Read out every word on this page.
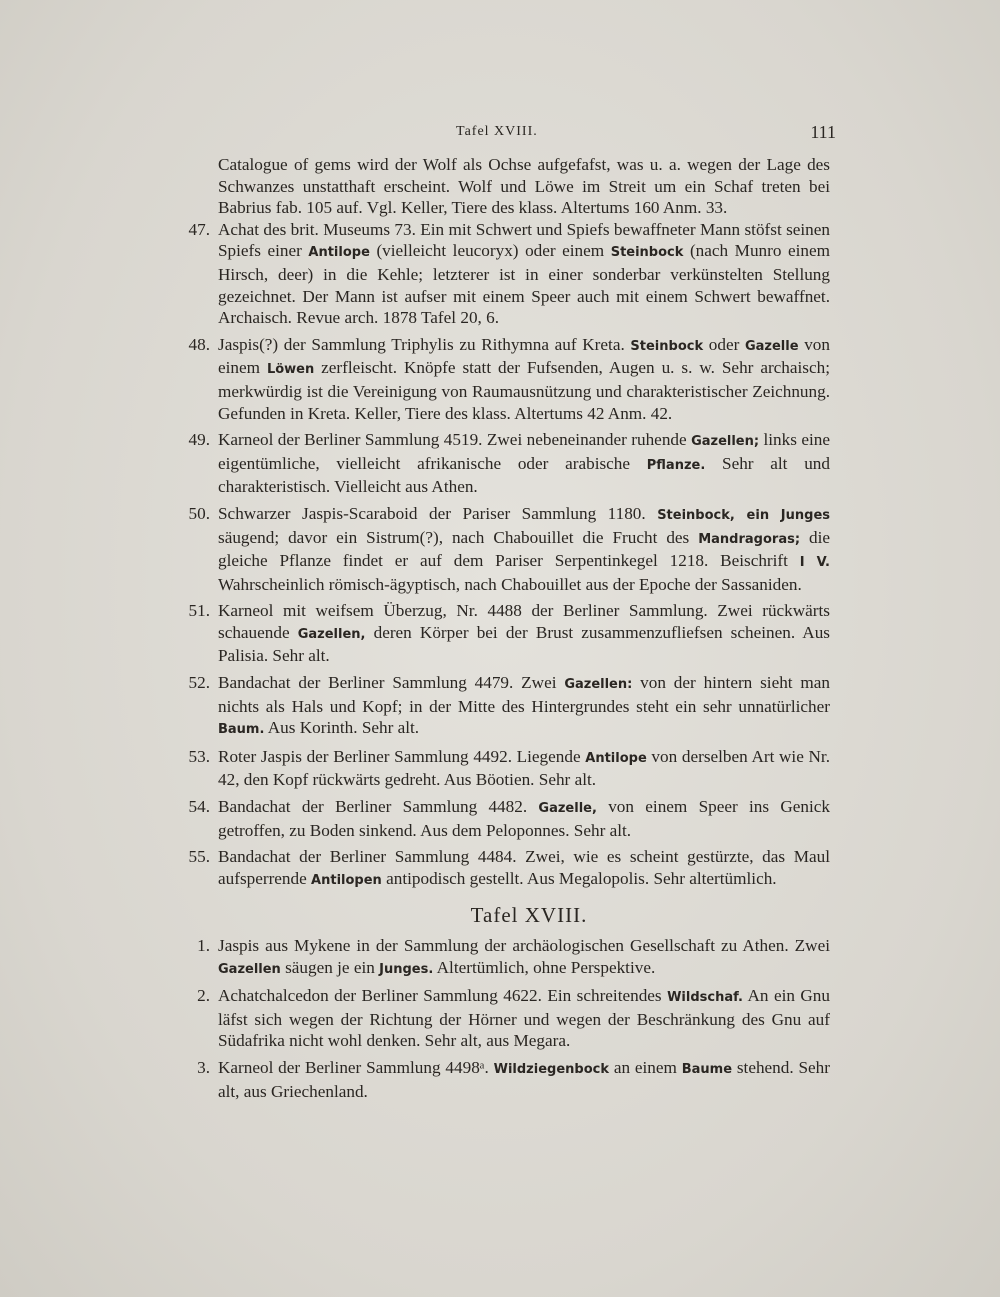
Tafel XVIII.	111

Catalogue of gems wird der Wolf als Ochse aufgefafst, was u. a. wegen der Lage des Schwanzes unstatthaft erscheint. Wolf und Löwe im Streit um ein Schaf treten bei Babrius fab. 105 auf. Vgl. Keller, Tiere des klass. Altertums 160 Anm. 33.

47. Achat des brit. Museums 73. Ein mit Schwert und Spiefs bewaffneter Mann stöfst seinen Spiefs einer Antilope (vielleicht leucoryx) oder einem Steinbock (nach Munro einem Hirsch, deer) in die Kehle; letzterer ist in einer sonderbar verkünstelten Stellung gezeichnet. Der Mann ist aufser mit einem Speer auch mit einem Schwert bewaffnet. Archaisch. Revue arch. 1878 Tafel 20, 6.
48. Jaspis(?) der Sammlung Triphylis zu Rithymna auf Kreta. Steinbock oder Gazelle von einem Löwen zerfleischt. Knöpfe statt der Fufsenden, Augen u. s. w. Sehr archaisch; merkwürdig ist die Vereinigung von Raumausnützung und charakteristischer Zeichnung. Gefunden in Kreta. Keller, Tiere des klass. Altertums 42 Anm. 42.
49. Karneol der Berliner Sammlung 4519. Zwei nebeneinander ruhende Gazellen; links eine eigentümliche, vielleicht afrikanische oder arabische Pflanze. Sehr alt und charakteristisch. Vielleicht aus Athen.
50. Schwarzer Jaspis-Scaraboid der Pariser Sammlung 1180. Steinbock, ein Junges säugend; davor ein Sistrum(?), nach Chabouillet die Frucht des Mandragoras; die gleiche Pflanze findet er auf dem Pariser Serpentinkegel 1218. Beischrift I V. Wahrscheinlich römisch-ägyptisch, nach Chabouillet aus der Epoche der Sassaniden.
51. Karneol mit weifsem Überzug, Nr. 4488 der Berliner Sammlung. Zwei rückwärts schauende Gazellen, deren Körper bei der Brust zusammenzufliefsen scheinen. Aus Palisia. Sehr alt.
52. Bandachat der Berliner Sammlung 4479. Zwei Gazellen: von der hintern sieht man nichts als Hals und Kopf; in der Mitte des Hintergrundes steht ein sehr unnatürlicher Baum. Aus Korinth. Sehr alt.
53. Roter Jaspis der Berliner Sammlung 4492. Liegende Antilope von derselben Art wie Nr. 42, den Kopf rückwärts gedreht. Aus Böotien. Sehr alt.
54. Bandachat der Berliner Sammlung 4482. Gazelle, von einem Speer ins Genick getroffen, zu Boden sinkend. Aus dem Peloponnes. Sehr alt.
55. Bandachat der Berliner Sammlung 4484. Zwei, wie es scheint gestürzte, das Maul aufsperrende Antilopen antipodisch gestellt. Aus Megalopolis. Sehr altertümlich.
Tafel XVIII.
1. Jaspis aus Mykene in der Sammlung der archäologischen Gesellschaft zu Athen. Zwei Gazellen säugen je ein Junges. Altertümlich, ohne Perspektive.
2. Achatchalcedon der Berliner Sammlung 4622. Ein schreitendes Wildschaf. An ein Gnu läfst sich wegen der Richtung der Hörner und wegen der Beschränkung des Gnu auf Südafrika nicht wohl denken. Sehr alt, aus Megara.
3. Karneol der Berliner Sammlung 4498ᵃ. Wildziegenbock an einem Baume stehend. Sehr alt, aus Griechenland.
